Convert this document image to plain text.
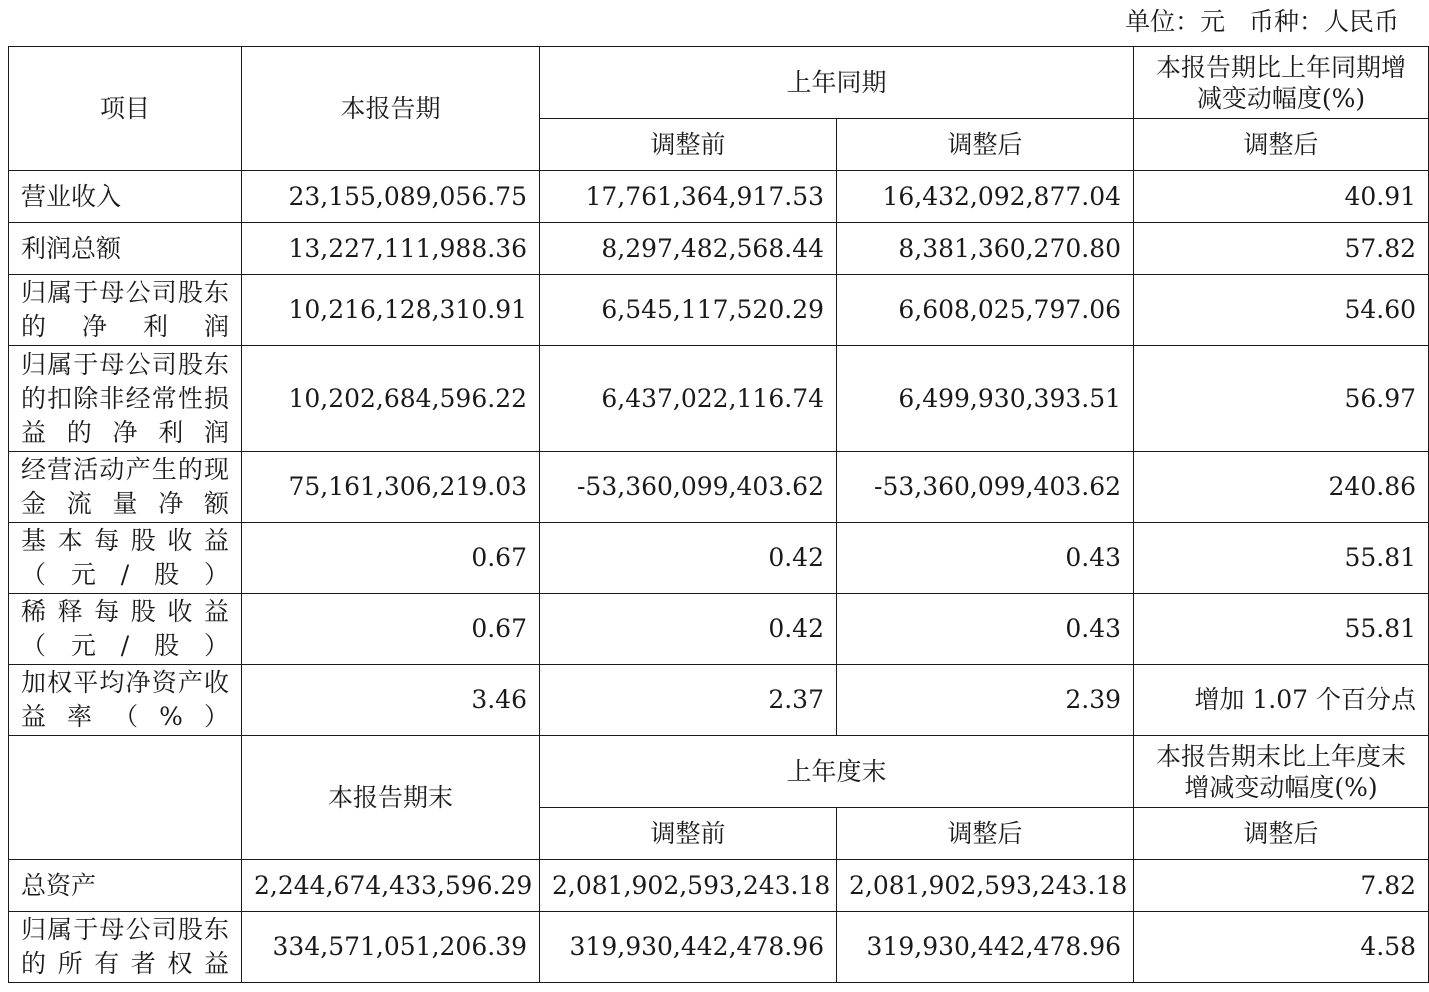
单位：元   币种：人民币
项目	本报告期	上年同期		本报告期比上年同期增减变动幅度(%)
		调整前	调整后	调整后
营业收入	23,155,089,056.75	17,761,364,917.53	16,432,092,877.04	40.91
利润总额	13,227,111,988.36	8,297,482,568.44	8,381,360,270.80	57.82
归属于母公司股东的净利润	10,216,128,310.91	6,545,117,520.29	6,608,025,797.06	54.60
归属于母公司股东的扣除非经常性损益的净利润	10,202,684,596.22	6,437,022,116.74	6,499,930,393.51	56.97
经营活动产生的现金流量净额	75,161,306,219.03	-53,360,099,403.62	-53,360,099,403.62	240.86
基本每股收益（元/股）	0.67	0.42	0.43	55.81
稀释每股收益（元/股）	0.67	0.42	0.43	55.81
加权平均净资产收益率（%）	3.46	2.37	2.39	增加 1.07 个百分点
	本报告期末	上年度末		本报告期末比上年度末增减变动幅度(%)
		调整前	调整后	调整后
总资产	2,244,674,433,596.29	2,081,902,593,243.18	2,081,902,593,243.18	7.82
归属于母公司股东的所有者权益	334,571,051,206.39	319,930,442,478.96	319,930,442,478.96	4.58
